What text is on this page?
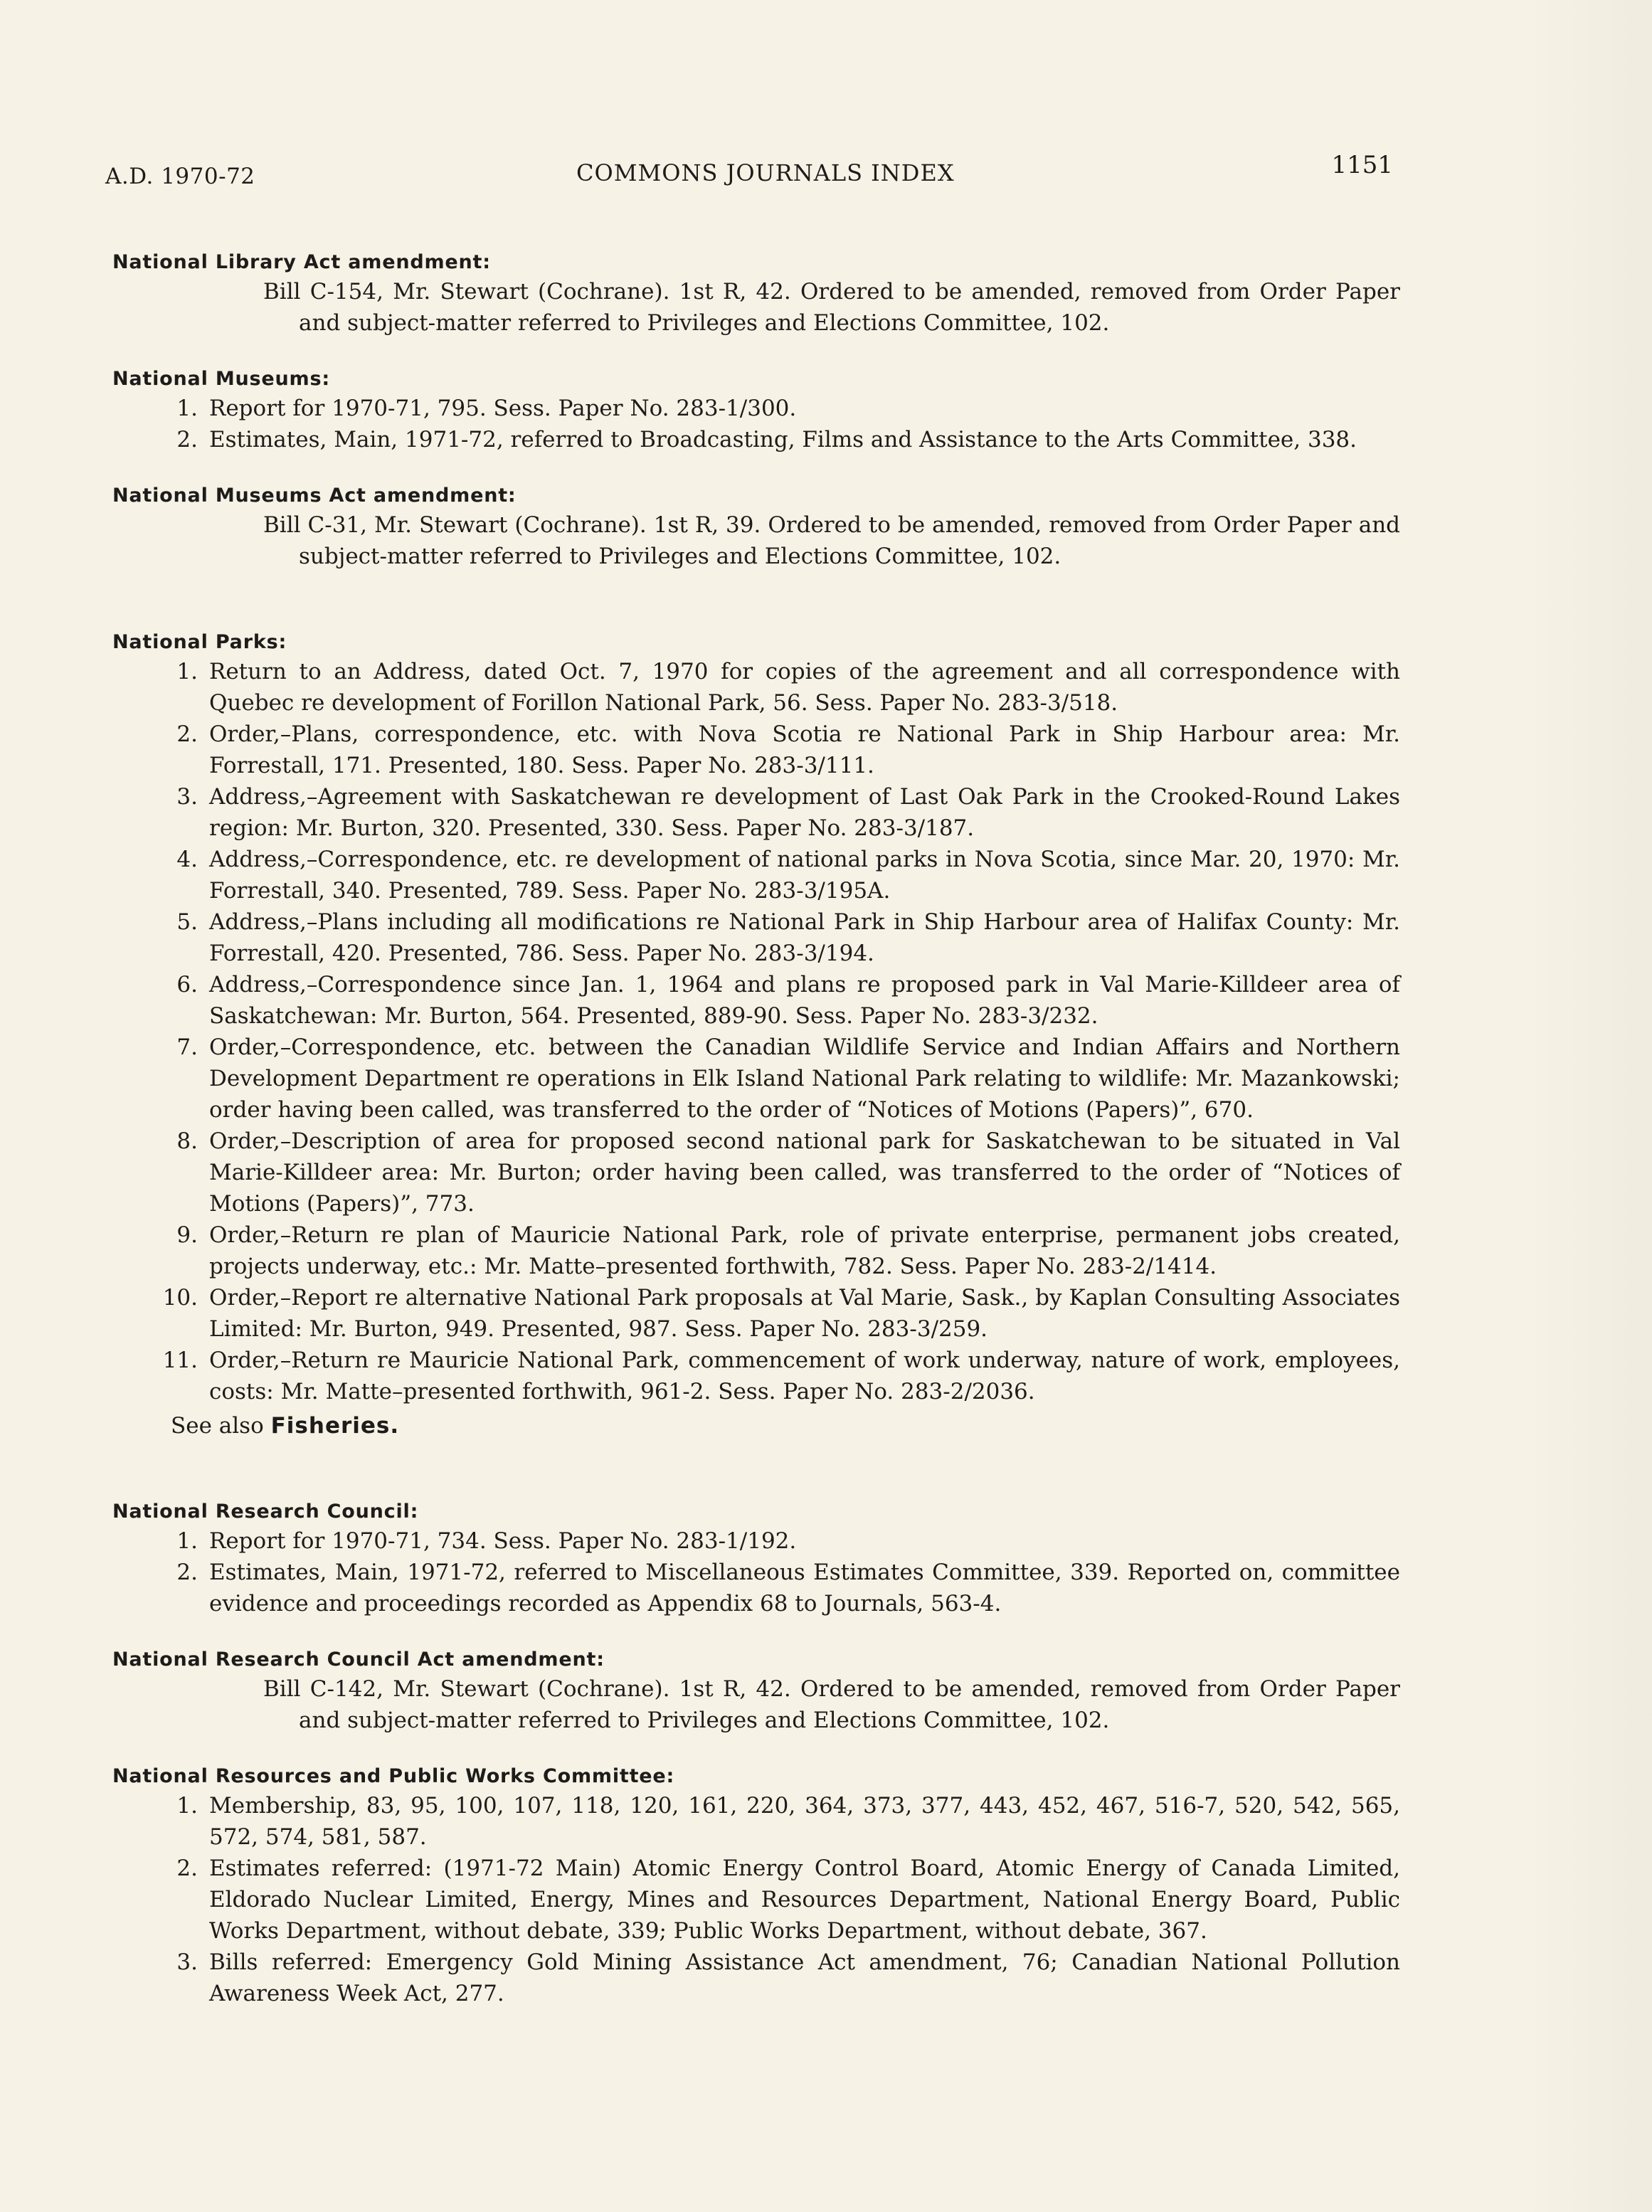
A.D. 1970-72	COMMONS JOURNALS INDEX	1151
National Library Act amendment:
Bill C-154, Mr. Stewart (Cochrane). 1st R, 42. Ordered to be amended, removed from Order Paper and subject-matter referred to Privileges and Elections Committee, 102.
National Museums:
1. Report for 1970-71, 795. Sess. Paper No. 283-1/300.
2. Estimates, Main, 1971-72, referred to Broadcasting, Films and Assistance to the Arts Committee, 338.
National Museums Act amendment:
Bill C-31, Mr. Stewart (Cochrane). 1st R, 39. Ordered to be amended, removed from Order Paper and subject-matter referred to Privileges and Elections Committee, 102.
National Parks:
1. Return to an Address, dated Oct. 7, 1970 for copies of the agreement and all correspondence with Quebec re development of Forillon National Park, 56. Sess. Paper No. 283-3/518.
2. Order,–Plans, correspondence, etc. with Nova Scotia re National Park in Ship Harbour area: Mr. Forrestall, 171. Presented, 180. Sess. Paper No. 283-3/111.
3. Address,–Agreement with Saskatchewan re development of Last Oak Park in the Crooked-Round Lakes region: Mr. Burton, 320. Presented, 330. Sess. Paper No. 283-3/187.
4. Address,–Correspondence, etc. re development of national parks in Nova Scotia, since Mar. 20, 1970: Mr. Forrestall, 340. Presented, 789. Sess. Paper No. 283-3/195A.
5. Address,–Plans including all modifications re National Park in Ship Harbour area of Halifax County: Mr. Forrestall, 420. Presented, 786. Sess. Paper No. 283-3/194.
6. Address,–Correspondence since Jan. 1, 1964 and plans re proposed park in Val Marie-Killdeer area of Saskatchewan: Mr. Burton, 564. Presented, 889-90. Sess. Paper No. 283-3/232.
7. Order,–Correspondence, etc. between the Canadian Wildlife Service and Indian Affairs and Northern Development Department re operations in Elk Island National Park relating to wildlife: Mr. Mazankowski; order having been called, was transferred to the order of “Notices of Motions (Papers)”, 670.
8. Order,–Description of area for proposed second national park for Saskatchewan to be situated in Val Marie-Killdeer area: Mr. Burton; order having been called, was transferred to the order of “Notices of Motions (Papers)”, 773.
9. Order,–Return re plan of Mauricie National Park, role of private enterprise, permanent jobs created, projects underway, etc.: Mr. Matte–presented forthwith, 782. Sess. Paper No. 283-2/1414.
10. Order,–Report re alternative National Park proposals at Val Marie, Sask., by Kaplan Consulting Associates Limited: Mr. Burton, 949. Presented, 987. Sess. Paper No. 283-3/259.
11. Order,–Return re Mauricie National Park, commencement of work underway, nature of work, employees, costs: Mr. Matte–presented forthwith, 961-2. Sess. Paper No. 283-2/2036.
See also Fisheries.
National Research Council:
1. Report for 1970-71, 734. Sess. Paper No. 283-1/192.
2. Estimates, Main, 1971-72, referred to Miscellaneous Estimates Committee, 339. Reported on, committee evidence and proceedings recorded as Appendix 68 to Journals, 563-4.
National Research Council Act amendment:
Bill C-142, Mr. Stewart (Cochrane). 1st R, 42. Ordered to be amended, removed from Order Paper and subject-matter referred to Privileges and Elections Committee, 102.
National Resources and Public Works Committee:
1. Membership, 83, 95, 100, 107, 118, 120, 161, 220, 364, 373, 377, 443, 452, 467, 516-7, 520, 542, 565, 572, 574, 581, 587.
2. Estimates referred: (1971-72 Main) Atomic Energy Control Board, Atomic Energy of Canada Limited, Eldorado Nuclear Limited, Energy, Mines and Resources Department, National Energy Board, Public Works Department, without debate, 339; Public Works Department, without debate, 367.
3. Bills referred: Emergency Gold Mining Assistance Act amendment, 76; Canadian National Pollution Awareness Week Act, 277.
